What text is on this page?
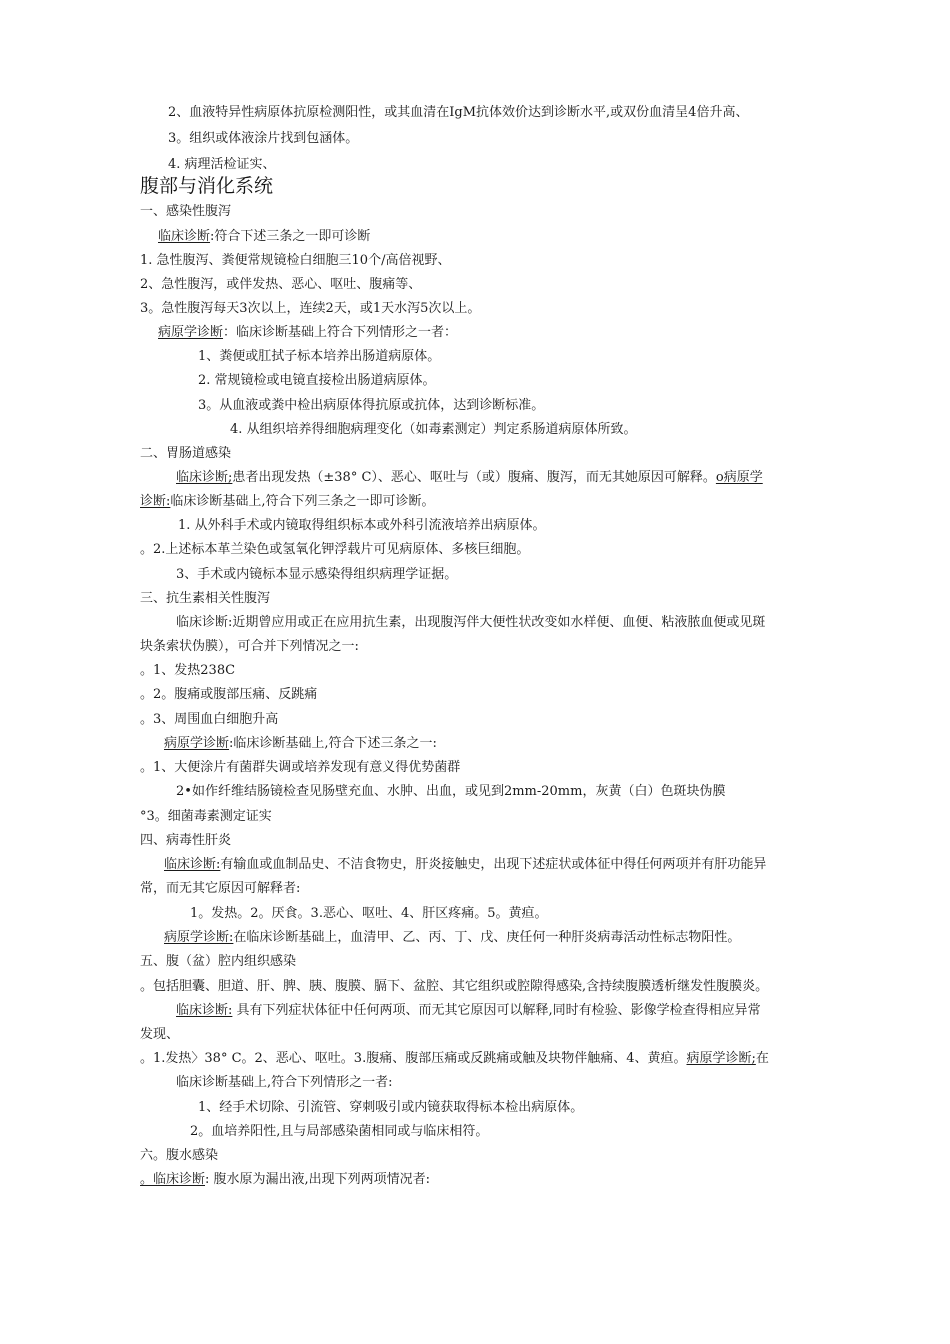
2、血液特异性病原体抗原检测阳性，或其血清在IgM抗体效价达到诊断水平,或双份血清呈4倍升高、
3。组织或体液涂片找到包涵体。
4. 病理活检证实、
腹部与消化系统
一、感染性腹泻
临床诊断:符合下述三条之一即可诊断
1. 急性腹泻、粪便常规镜检白细胞三10个/高倍视野、
2、急性腹泻，或伴发热、恶心、呕吐、腹痛等、
3。急性腹泻每天3次以上，连续2天，或1天水泻5次以上。
病原学诊断：临床诊断基础上符合下列情形之一者：
1、粪便或肛拭子标本培养出肠道病原体。
2. 常规镜检或电镜直接检出肠道病原体。
3。从血液或粪中检出病原体得抗原或抗体，达到诊断标准。
4. 从组织培养得细胞病理变化（如毒素测定）判定系肠道病原体所致。
二、胃肠道感染
临床诊断;患者出现发热（±38° C）、恶心、呕吐与（或）腹痛、腹泻，而无其她原因可解释。o病原学
诊断:临床诊断基础上,符合下列三条之一即可诊断。
1. 从外科手术或内镜取得组织标本或外科引流液培养出病原体。
。2.上述标本革兰染色或氢氧化钾浮载片可见病原体、多核巨细胞。
3、手术或内镜标本显示感染得组织病理学证据。
三、抗生素相关性腹泻
临床诊断:近期曾应用或正在应用抗生素，出现腹泻伴大便性状改变如水样便、血便、粘液脓血便或见斑
块条索状伪膜），可合并下列情况之一:
。1、发热238C
。2。腹痛或腹部压痛、反跳痛
。3、周围血白细胞升高
病原学诊断:临床诊断基础上,符合下述三条之一:
。1、大便涂片有菌群失调或培养发现有意义得优势菌群
2•如作纤维结肠镜检查见肠壁充血、水肿、出血，或见到2mm-20mm，灰黄（白）色斑块伪膜
°3。细菌毒素测定证实
四、病毒性肝炎
临床诊断:有输血或血制品史、不洁食物史，肝炎接触史，出现下述症状或体征中得任何两项并有肝功能异
常，而无其它原因可解释者:
1。发热。2。厌食。3.恶心、呕吐、4、肝区疼痛。5。黄疸。
病原学诊断:在临床诊断基础上，血清甲、乙、丙、丁、戊、庚任何一种肝炎病毒活动性标志物阳性。
五、腹（盆）腔内组织感染
。包括胆囊、胆道、肝、脾、胰、腹膜、膈下、盆腔、其它组织或腔隙得感染,含持续腹膜透析继发性腹膜炎。
临床诊断: 具有下列症状体征中任何两项、而无其它原因可以解释,同时有检验、影像学检查得相应异常
发现、
。1.发热〉38° C。2、恶心、呕吐。3.腹痛、腹部压痛或反跳痛或触及块物伴触痛、4、黄疸。病原学诊断;在
临床诊断基础上,符合下列情形之一者:
1、经手术切除、引流管、穿刺吸引或内镜获取得标本检出病原体。
2。血培养阳性,且与局部感染菌相同或与临床相符。
六。腹水感染
。临床诊断: 腹水原为漏出液,出现下列两项情况者:
